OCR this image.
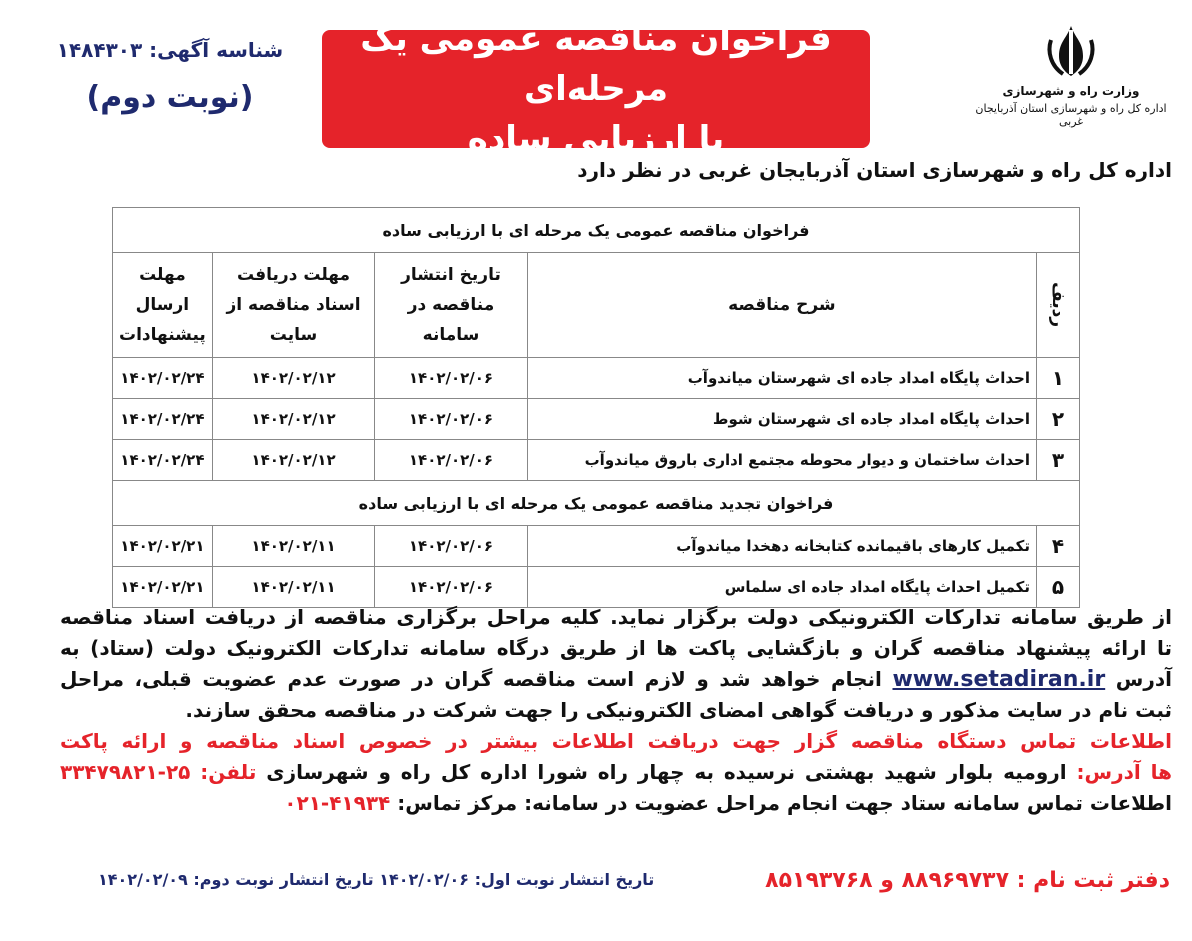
وزارت راه و شهرسازی
اداره کل راه و شهرسازی استان آذربایجان غربی
فراخوان مناقصه عمومی یک مرحله‌ای
با ارزیابی ساده
شناسه آگهی: ۱۴۸۴۳۰۳
(نوبت دوم)
اداره کل راه و شهرسازی استان آذربایجان غربی در نظر دارد
فراخوان مناقصه عمومی یک مرحله ای با ارزیابی ساده				
ردیف	شرح مناقصه	تاریخ انتشار مناقصه در سامانه	مهلت دریافت اسناد مناقصه از سایت	مهلت ارسال پیشنهادات
۱	احداث پایگاه امداد جاده ای شهرستان میاندوآب	۱۴۰۲/۰۲/۰۶	۱۴۰۲/۰۲/۱۲	۱۴۰۲/۰۲/۲۴
۲	احداث پایگاه امداد جاده ای شهرستان شوط	۱۴۰۲/۰۲/۰۶	۱۴۰۲/۰۲/۱۲	۱۴۰۲/۰۲/۲۴
۳	احداث ساختمان و دیوار محوطه مجتمع اداری باروق میاندوآب	۱۴۰۲/۰۲/۰۶	۱۴۰۲/۰۲/۱۲	۱۴۰۲/۰۲/۲۴
فراخوان تجدید مناقصه عمومی یک مرحله ای با ارزیابی ساده				
۴	تکمیل کارهای باقیمانده کتابخانه دهخدا میاندوآب	۱۴۰۲/۰۲/۰۶	۱۴۰۲/۰۲/۱۱	۱۴۰۲/۰۲/۲۱
۵	تکمیل احداث پایگاه امداد جاده ای سلماس	۱۴۰۲/۰۲/۰۶	۱۴۰۲/۰۲/۱۱	۱۴۰۲/۰۲/۲۱
از طریق سامانه تدارکات الکترونیکی دولت برگزار نماید. کلیه مراحل برگزاری مناقصه از دریافت اسناد مناقصه
تا ارائه پیشنهاد مناقصه گران و بازگشایی پاکت ها از طریق درگاه سامانه تدارکات الکترونیک دولت (ستاد) به
آدرس www.setadiran.ir انجام خواهد شد و لازم است مناقصه گران در صورت عدم عضویت قبلی، مراحل
ثبت نام در سایت مذکور و دریافت گواهی امضای الکترونیکی را جهت شرکت در مناقصه محقق سازند.
اطلاعات تماس دستگاه مناقصه گزار جهت دریافت اطلاعات بیشتر در خصوص اسناد مناقصه و ارائه پاکت
ها آدرس: ارومیه بلوار شهید بهشتی نرسیده به چهار راه شورا اداره کل راه و شهرسازی تلفن: ۲۵-۳۳۴۷۹۸۲۱
اطلاعات تماس سامانه ستاد جهت انجام مراحل عضویت در سامانه: مرکز تماس: ۴۱۹۳۴-۰۲۱
تاریخ انتشار نوبت اول: ۱۴۰۲/۰۲/۰۶ تاریخ انتشار نوبت دوم: ۱۴۰۲/۰۲/۰۹	دفتر ثبت نام : ۸۸۹۶۹۷۳۷ و ۸۵۱۹۳۷۶۸
